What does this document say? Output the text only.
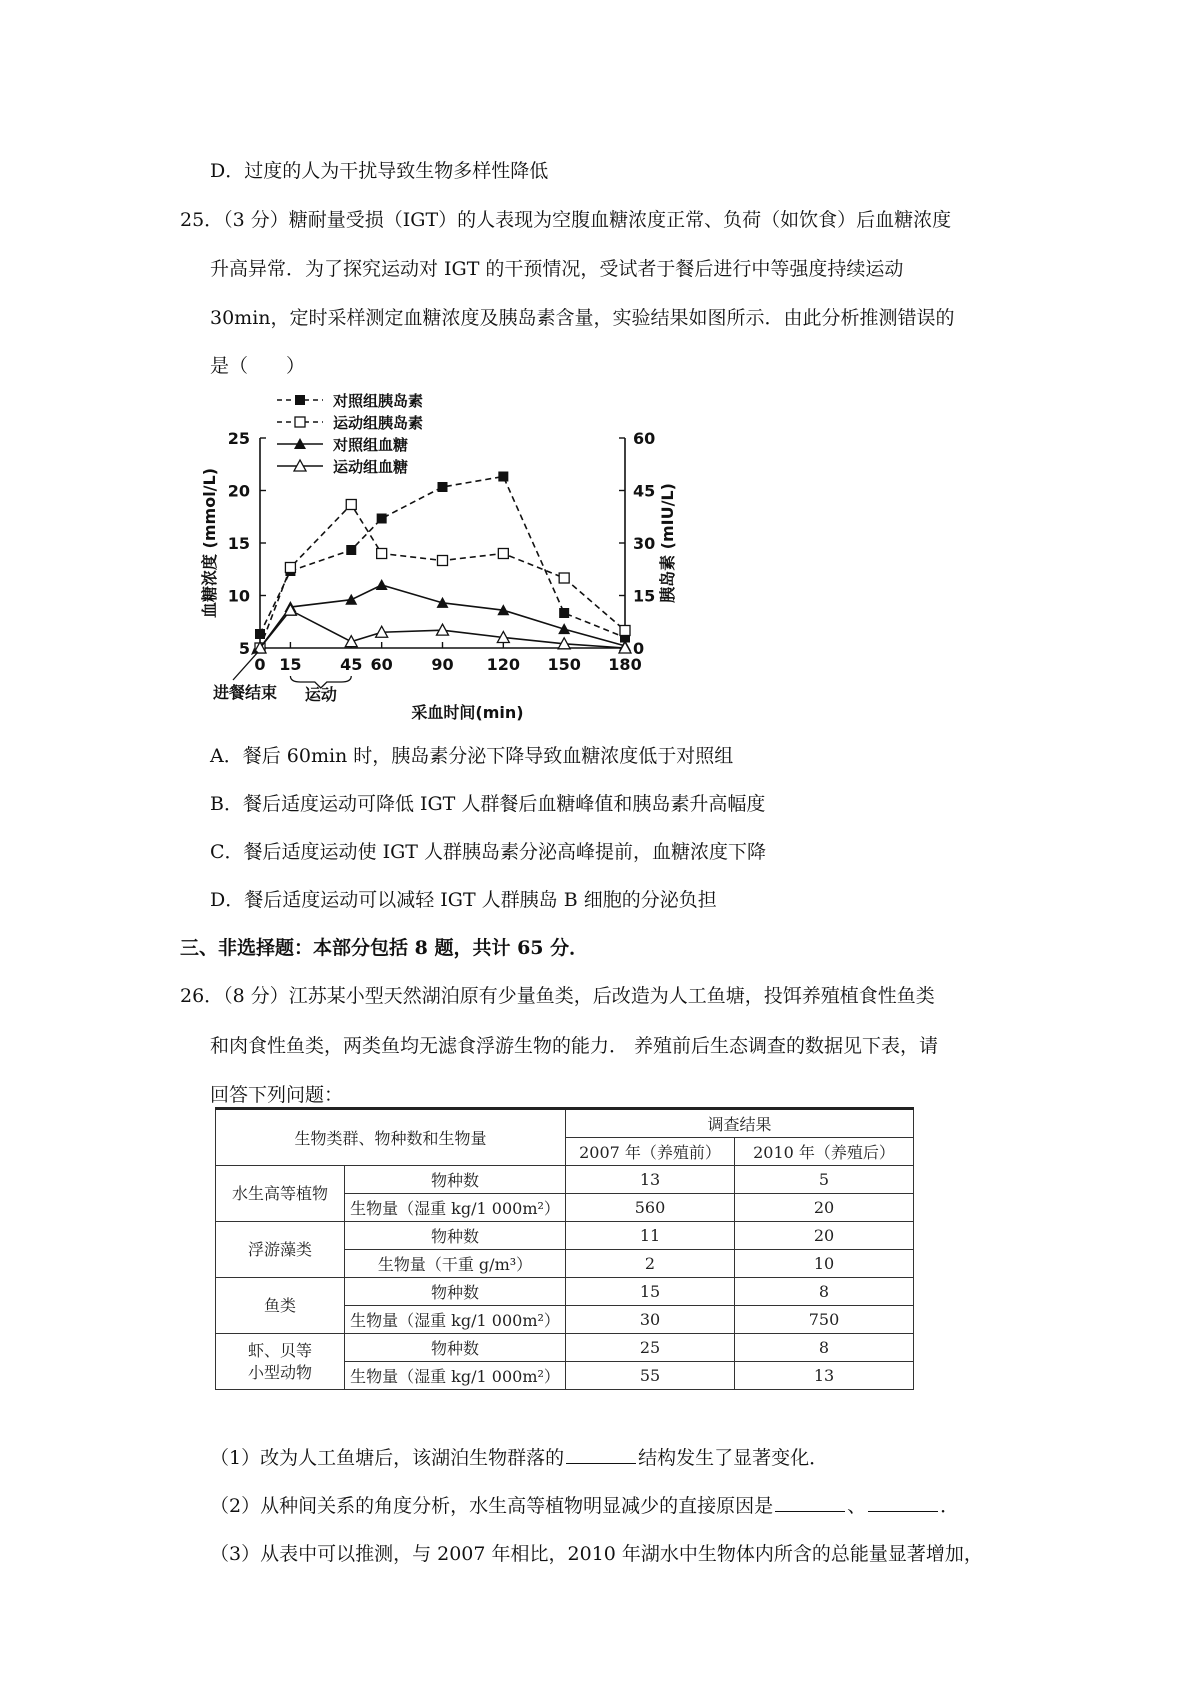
D．过度的人为干扰导致生物多样性降低
25．（3 分）糖耐量受损（IGT）的人表现为空腹血糖浓度正常、负荷（如饮食）后血糖浓度
升高异常．为了探究运动对 IGT 的干预情况，受试者于餐后进行中等强度持续运动
30min，定时采样测定血糖浓度及胰岛素含量，实验结果如图所示．由此分析推测错误的
是（　　）
5
10
15
20
25
0
15
30
45
60
0 15 45 60 90 120 150 180
对照组胰岛素
运动组胰岛素
对照组血糖
运动组血糖
血糖浓度 (mmol/L)	胰岛素 (mIU/L)
采血时间(min)
进餐结束 运动
A．餐后 60min 时，胰岛素分泌下降导致血糖浓度低于对照组
B．餐后适度运动可降低 IGT 人群餐后血糖峰值和胰岛素升高幅度
C．餐后适度运动使 IGT 人群胰岛素分泌高峰提前，血糖浓度下降
D．餐后适度运动可以减轻 IGT 人群胰岛 B 细胞的分泌负担
三、非选择题：本部分包括 8 题，共计 65 分．
26．（8 分）江苏某小型天然湖泊原有少量鱼类，后改造为人工鱼塘，投饵养殖植食性鱼类
和肉食性鱼类，两类鱼均无滤食浮游生物的能力． 养殖前后生态调查的数据见下表，请
回答下列问题：
生物类群、物种数和生物量		调查结果	
		2007 年（养殖前）	2010 年（养殖后）
水生高等植物	物种数	13	5
	生物量（湿重 kg/1 000m²）	560	20
浮游藻类	物种数	11	20
	生物量（干重 g/m³）	2	10
鱼类	物种数	15	8
	生物量（湿重 kg/1 000m²）	30	750
虾、贝等
小型动物	物种数	25	8
	生物量（湿重 kg/1 000m²）	55	13
（1）改为人工鱼塘后，该湖泊生物群落的	结构发生了显著变化．
（2）从种间关系的角度分析，水生高等植物明显减少的直接原因是	、	．
（3）从表中可以推测，与 2007 年相比，2010 年湖水中生物体内所含的总能量显著增加，
